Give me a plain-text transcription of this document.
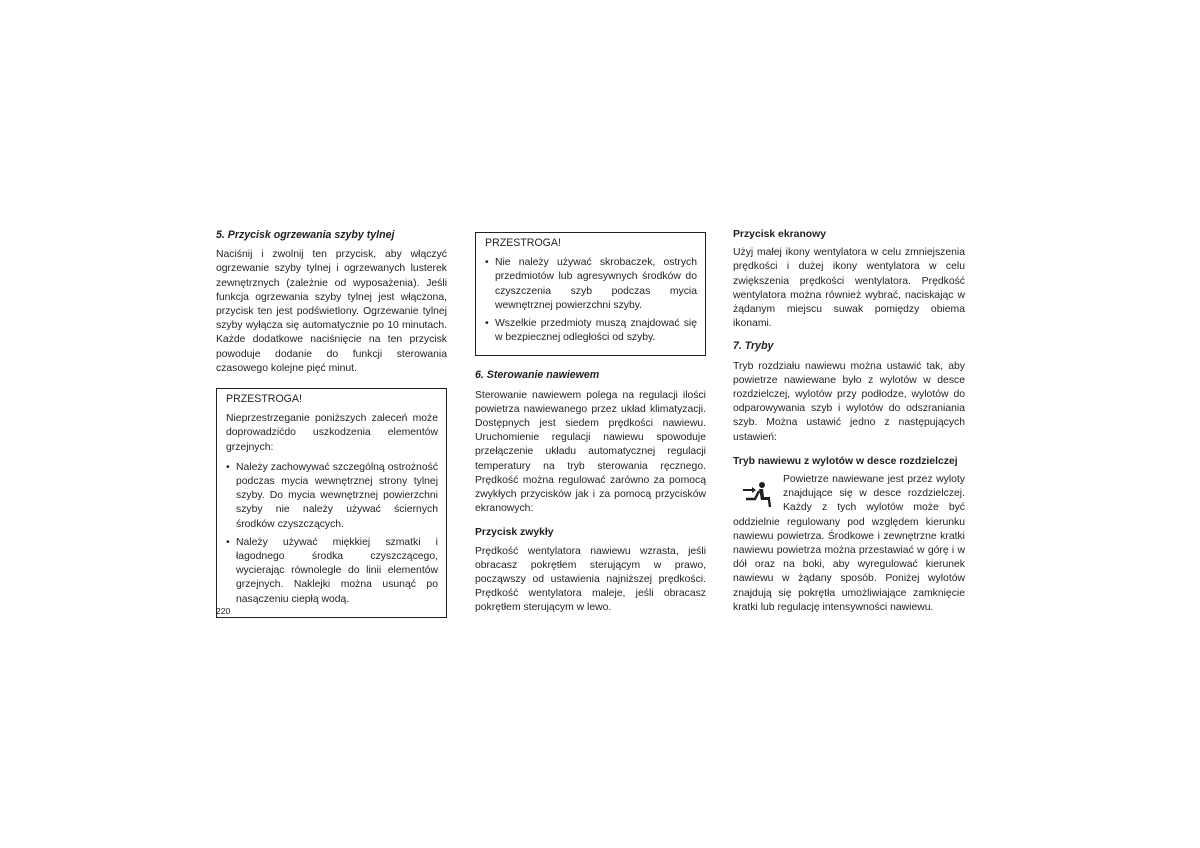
5. Przycisk ogrzewania szyby tylnej

Naciśnij i zwolnij ten przycisk, aby włączyć ogrzewanie szyby tylnej i ogrzewanych lusterek zewnętrznych (zależnie od wyposażenia). Jeśli funkcja ogrzewania szyby tylnej jest włączona, przycisk ten jest podświetlony. Ogrzewanie tylnej szyby wyłącza się automatycznie po 10 minutach. Każde dodatkowe naciśnięcie na ten przycisk powoduje dodanie do funkcji sterowania czasowego kolejne pięć minut.

PRZESTROGA!

Nieprzestrzeganie poniższych zaleceń może doprowadzićdo uszkodzenia elementów grzejnych:

• Należy zachowywać szczególną ostrożność podczas mycia wewnętrznej strony tylnej szyby. Do mycia wewnętrznej powierzchni szyby nie należy używać ściernych środków czyszczących.
• Należy używać miękkiej szmatki i łagodnego środka czyszczącego, wycierając równolegle do linii elementów grzejnych. Naklejki można usunąć po nasączeniu ciepłą wodą.

PRZESTROGA!

• Nie należy używać skrobaczek, ostrych przedmiotów lub agresywnych środków do czyszczenia szyb podczas mycia wewnętrznej powierzchni szyby.
• Wszelkie przedmioty muszą znajdować się w bezpiecznej odległości od szyby.

6. Sterowanie nawiewem

Sterowanie nawiewem polega na regulacji ilości powietrza nawiewanego przez układ klimatyzacji. Dostępnych jest siedem prędkości nawiewu. Uruchomienie regulacji nawiewu spowoduje przełączenie układu automatycznej regulacji temperatury na tryb sterowania ręcznego. Prędkość można regulować zarówno za pomocą zwykłych przycisków jak i za pomocą przycisków ekranowych:

Przycisk zwykły

Prędkość wentylatora nawiewu wzrasta, jeśli obracasz pokrętłem sterującym w prawo, począwszy od ustawienia najniższej prędkości. Prędkość wentylatora maleje, jeśli obracasz pokrętłem sterującym w lewo.

Przycisk ekranowy

Użyj małej ikony wentylatora w celu zmniejszenia prędkości i dużej ikony wentylatora w celu zwiększenia prędkości wentylatora. Prędkość wentylatora można również wybrać, naciskając w żądanym miejscu suwak pomiędzy obiema ikonami.

7. Tryby

Tryb rozdziału nawiewu można ustawić tak, aby powietrze nawiewane było z wylotów w desce rozdzielczej, wylotów przy podłodze, wylotów do odparowywania szyb i wylotów do odszraniania szyb. Można ustawić jedno z następujących ustawień:

Tryb nawiewu z wylotów w desce rozdzielczej

Powietrze nawiewane jest przez wyloty znajdujące się w desce rozdzielczej. Każdy z tych wylotów może być oddzielnie regulowany pod względem kierunku nawiewu powietrza. Środkowe i zewnętrzne kratki nawiewu powietrza można przestawiać w górę i w dół oraz na boki, aby wyregulować kierunek nawiewu w żądany sposób. Poniżej wylotów znajdują się pokrętła umożliwiające zamknięcie kratki lub regulację intensywności nawiewu.

220
